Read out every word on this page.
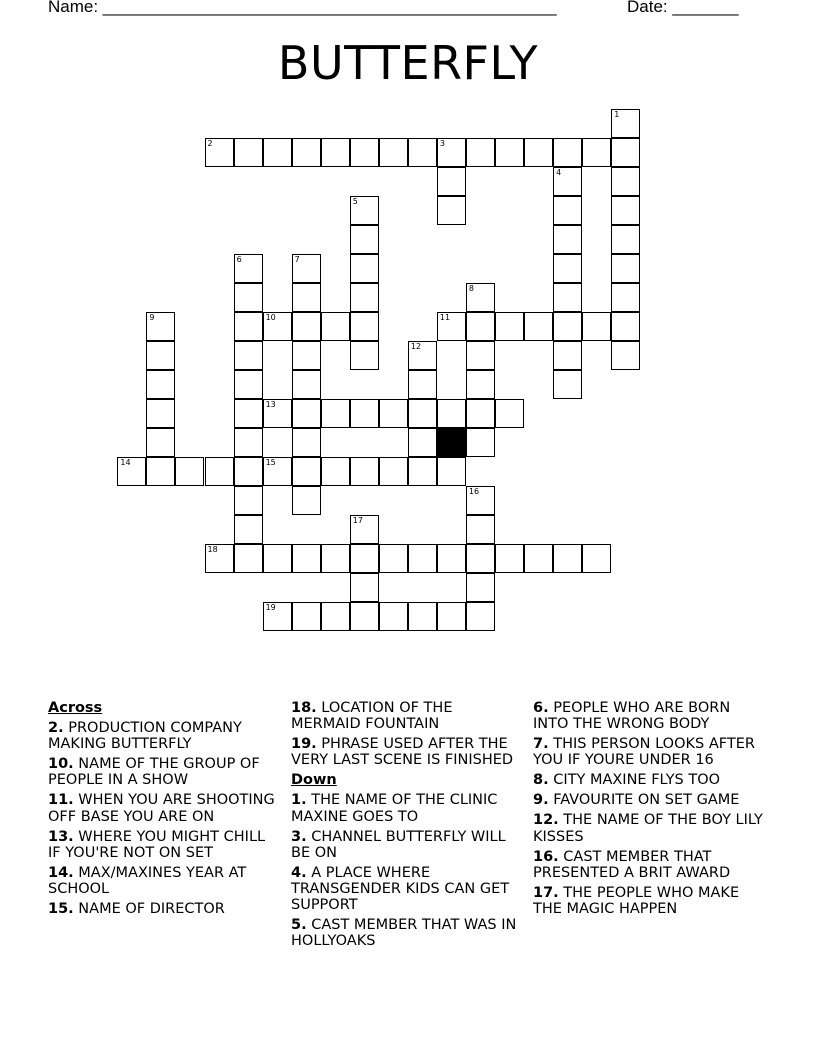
Name: ________________________________________________	Date: _______
BUTTERFLY
1
2	3
4
5
6	7
8
9	10	11
12
13
14	15
16
17
18
19
Across
2. PRODUCTION COMPANY MAKING BUTTERFLY
10. NAME OF THE GROUP OF PEOPLE IN A SHOW
11. WHEN YOU ARE SHOOTING OFF BASE YOU ARE ON
13. WHERE YOU MIGHT CHILL IF YOU'RE NOT ON SET
14. MAX/MAXINES YEAR AT SCHOOL
15. NAME OF DIRECTOR
18. LOCATION OF THE MERMAID FOUNTAIN
19. PHRASE USED AFTER THE VERY LAST SCENE IS FINISHED
Down
1. THE NAME OF THE CLINIC MAXINE GOES TO
3. CHANNEL BUTTERFLY WILL BE ON
4. A PLACE WHERE TRANSGENDER KIDS CAN GET SUPPORT
5. CAST MEMBER THAT WAS IN HOLLYOAKS
6. PEOPLE WHO ARE BORN INTO THE WRONG BODY
7. THIS PERSON LOOKS AFTER YOU IF YOURE UNDER 16
8. CITY MAXINE FLYS TOO
9. FAVOURITE ON SET GAME
12. THE NAME OF THE BOY LILY KISSES
16. CAST MEMBER THAT PRESENTED A BRIT AWARD
17. THE PEOPLE WHO MAKE THE MAGIC HAPPEN
